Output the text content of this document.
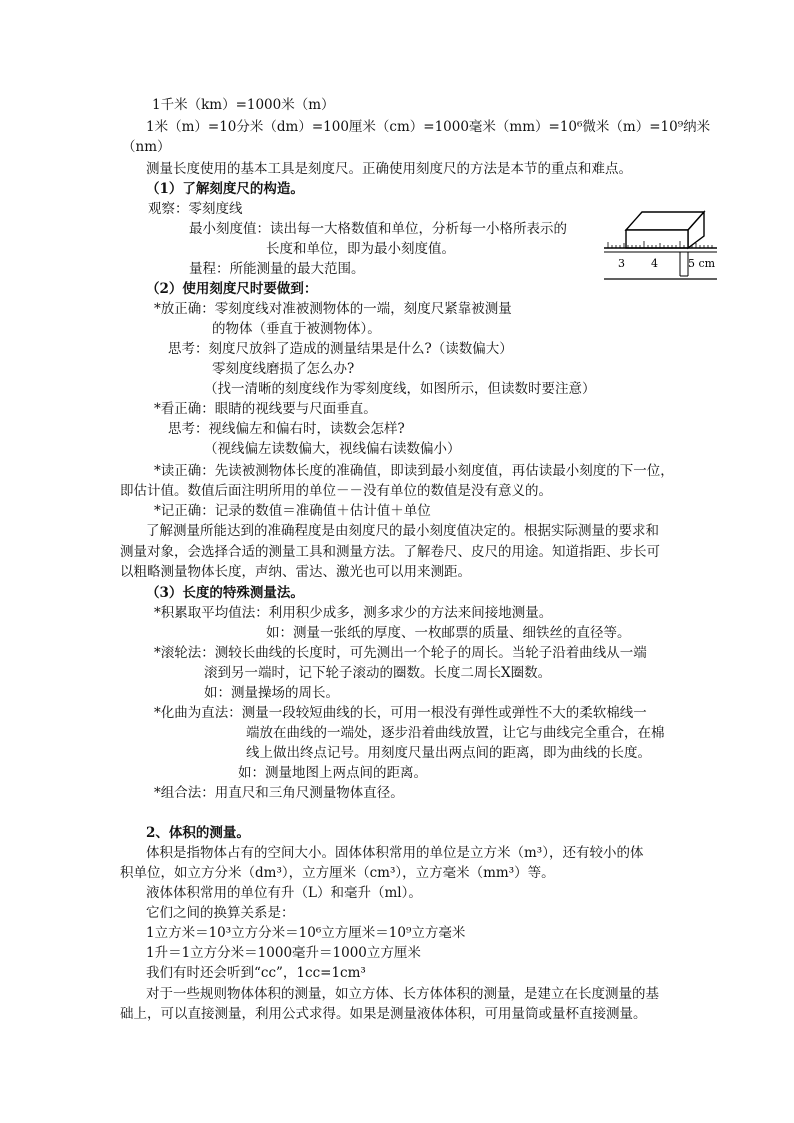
1千米（km）=1000米（m）
1米（m）=10分米（dm）=100厘米（cm）=1000毫米（mm）=10⁶微米（m）=10⁹纳米
（nm）
测量长度使用的基本工具是刻度尺。正确使用刻度尺的方法是本节的重点和难点。
（1）了解刻度尺的构造。
观察：零刻度线
最小刻度值：读出每一大格数值和单位，分析每一小格所表示的
长度和单位，即为最小刻度值。
量程：所能测量的最大范围。
（2）使用刻度尺时要做到：
*放正确：零刻度线对准被测物体的一端，刻度尺紧靠被测量
的物体（垂直于被测物体）。
思考：刻度尺放斜了造成的测量结果是什么?（读数偏大）
零刻度线磨损了怎么办?
（找一清晰的刻度线作为零刻度线，如图所示，但读数时要注意）
*看正确：眼睛的视线要与尺面垂直。
思考：视线偏左和偏右时，读数会怎样?
（视线偏左读数偏大，视线偏右读数偏小）
*读正确：先读被测物体长度的准确值，即读到最小刻度值，再估读最小刻度的下一位，
即估计值。数值后面注明所用的单位－－没有单位的数值是没有意义的。
*记正确：记录的数值＝准确值＋估计值＋单位
了解测量所能达到的准确程度是由刻度尺的最小刻度值决定的。根据实际测量的要求和
测量对象，会选择合适的测量工具和测量方法。了解卷尺、皮尺的用途。知道指距、步长可
以粗略测量物体长度，声纳、雷达、激光也可以用来测距。
（3）长度的特殊测量法。
*积累取平均值法：利用积少成多，测多求少的方法来间接地测量。
如：测量一张纸的厚度、一枚邮票的质量、细铁丝的直径等。
*滚轮法：测较长曲线的长度时，可先测出一个轮子的周长。当轮子沿着曲线从一端
滚到另一端时，记下轮子滚动的圈数。长度二周长X圈数。
如：测量操场的周长。
*化曲为直法：测量一段较短曲线的长，可用一根没有弹性或弹性不大的柔软棉线一
端放在曲线的一端处，逐步沿着曲线放置，让它与曲线完全重合，在棉
线上做出终点记号。用刻度尺量出两点间的距离，即为曲线的长度。
如：测量地图上两点间的距离。
*组合法：用直尺和三角尺测量物体直径。
2、体积的测量。
体积是指物体占有的空间大小。固体体积常用的单位是立方米（m³），还有较小的体
积单位，如立方分米（dm³），立方厘米（cm³），立方毫米（mm³）等。
液体体积常用的单位有升（L）和毫升（ml）。
它们之间的换算关系是：
1立方米＝10³立方分米＝10⁶立方厘米＝10⁹立方毫米
1升＝1立方分米＝1000毫升＝1000立方厘米
我们有时还会听到“cc”，1cc=1cm³
对于一些规则物体体积的测量，如立方体、长方体体积的测量，是建立在长度测量的基
础上，可以直接测量，利用公式求得。如果是测量液体体积，可用量筒或量杯直接测量。
3 4	5 cm
